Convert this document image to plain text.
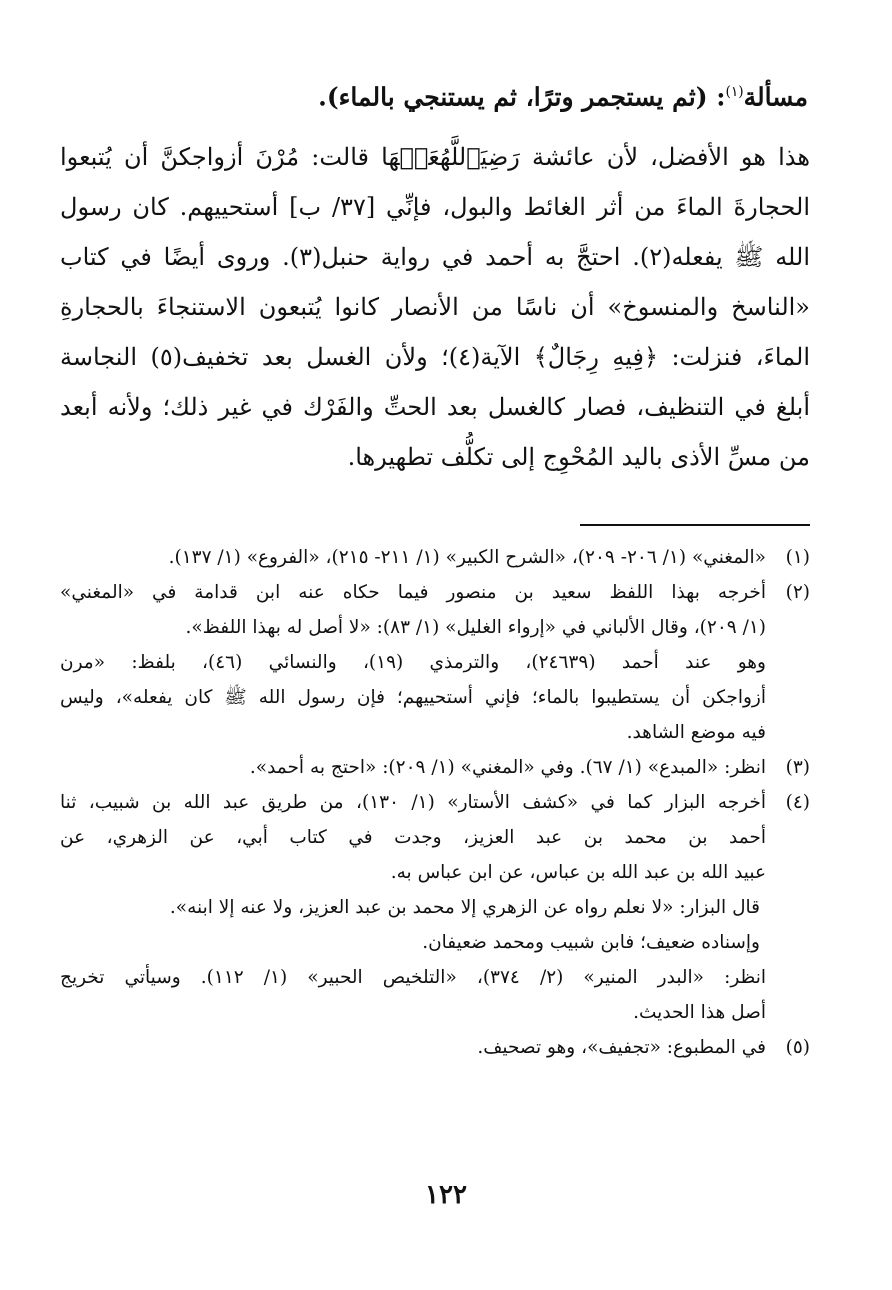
مسألة$^{(١)}$: (ثم يستجمر وترًا، ثم يستنجي بالماء).
هذا هو الأفضل، لأن عائشة رَضِيَٱللَّهُعَنۡهَا قالت: مُرْنَ أزواجكنَّ أن يُتبعوا
الحجارةَ الماءَ من أثر الغائط والبول، فإنِّي [٣٧/ ب] أستحييهم. كان رسول
الله ﷺ يفعله(٢). احتجَّ به أحمد في رواية حنبل(٣). وروى أيضًا في كتاب
«الناسخ والمنسوخ» أن ناسًا من الأنصار كانوا يُتبعون الاستنجاءَ بالحجارةِ
الماءَ، فنزلت: ﴿فِيهِ رِجَالٌ﴾ الآية(٤)؛ ولأن الغسل بعد تخفيف(٥) النجاسة
أبلغ في التنظيف، فصار كالغسل بعد الحتِّ والفَرْك في غير ذلك؛ ولأنه أبعد
من مسِّ الأذى باليد المُحْوِج إلى تكلُّف تطهيرها.
(١)
«المغني» (١/ ٢٠٦- ٢٠٩)، «الشرح الكبير» (١/ ٢١١- ٢١٥)، «الفروع» (١/ ١٣٧).
(٢)
أخرجه بهذا اللفظ سعيد بن منصور فيما حكاه عنه ابن قدامة في «المغني»
(١/ ٢٠٩)، وقال الألباني في «إرواء الغليل» (١/ ٨٣): «لا أصل له بهذا اللفظ».
وهو عند أحمد (٢٤٦٣٩)، والترمذي (١٩)، والنسائي (٤٦)، بلفظ: «مرن
أزواجكن أن يستطيبوا بالماء؛ فإني أستحييهم؛ فإن رسول الله ﷺ كان يفعله»، وليس
فيه موضع الشاهد.
(٣)
انظر: «المبدع» (١/ ٦٧). وفي «المغني» (١/ ٢٠٩): «احتج به أحمد».
(٤)
أخرجه البزار كما في «كشف الأستار» (١/ ١٣٠)، من طريق عبد الله بن شبيب، ثنا
أحمد بن محمد بن عبد العزيز، وجدت في كتاب أبي، عن الزهري، عن
عبيد الله بن عبد الله بن عباس، عن ابن عباس به.
قال البزار: «لا نعلم رواه عن الزهري إلا محمد بن عبد العزيز، ولا عنه إلا ابنه».
وإسناده ضعيف؛ فابن شبيب ومحمد ضعيفان.
انظر: «البدر المنير» (٢/ ٣٧٤)، «التلخيص الحبير» (١/ ١١٢). وسيأتي تخريج
أصل هذا الحديث.
(٥)
في المطبوع: «تجفيف»، وهو تصحيف.
١٢٢
